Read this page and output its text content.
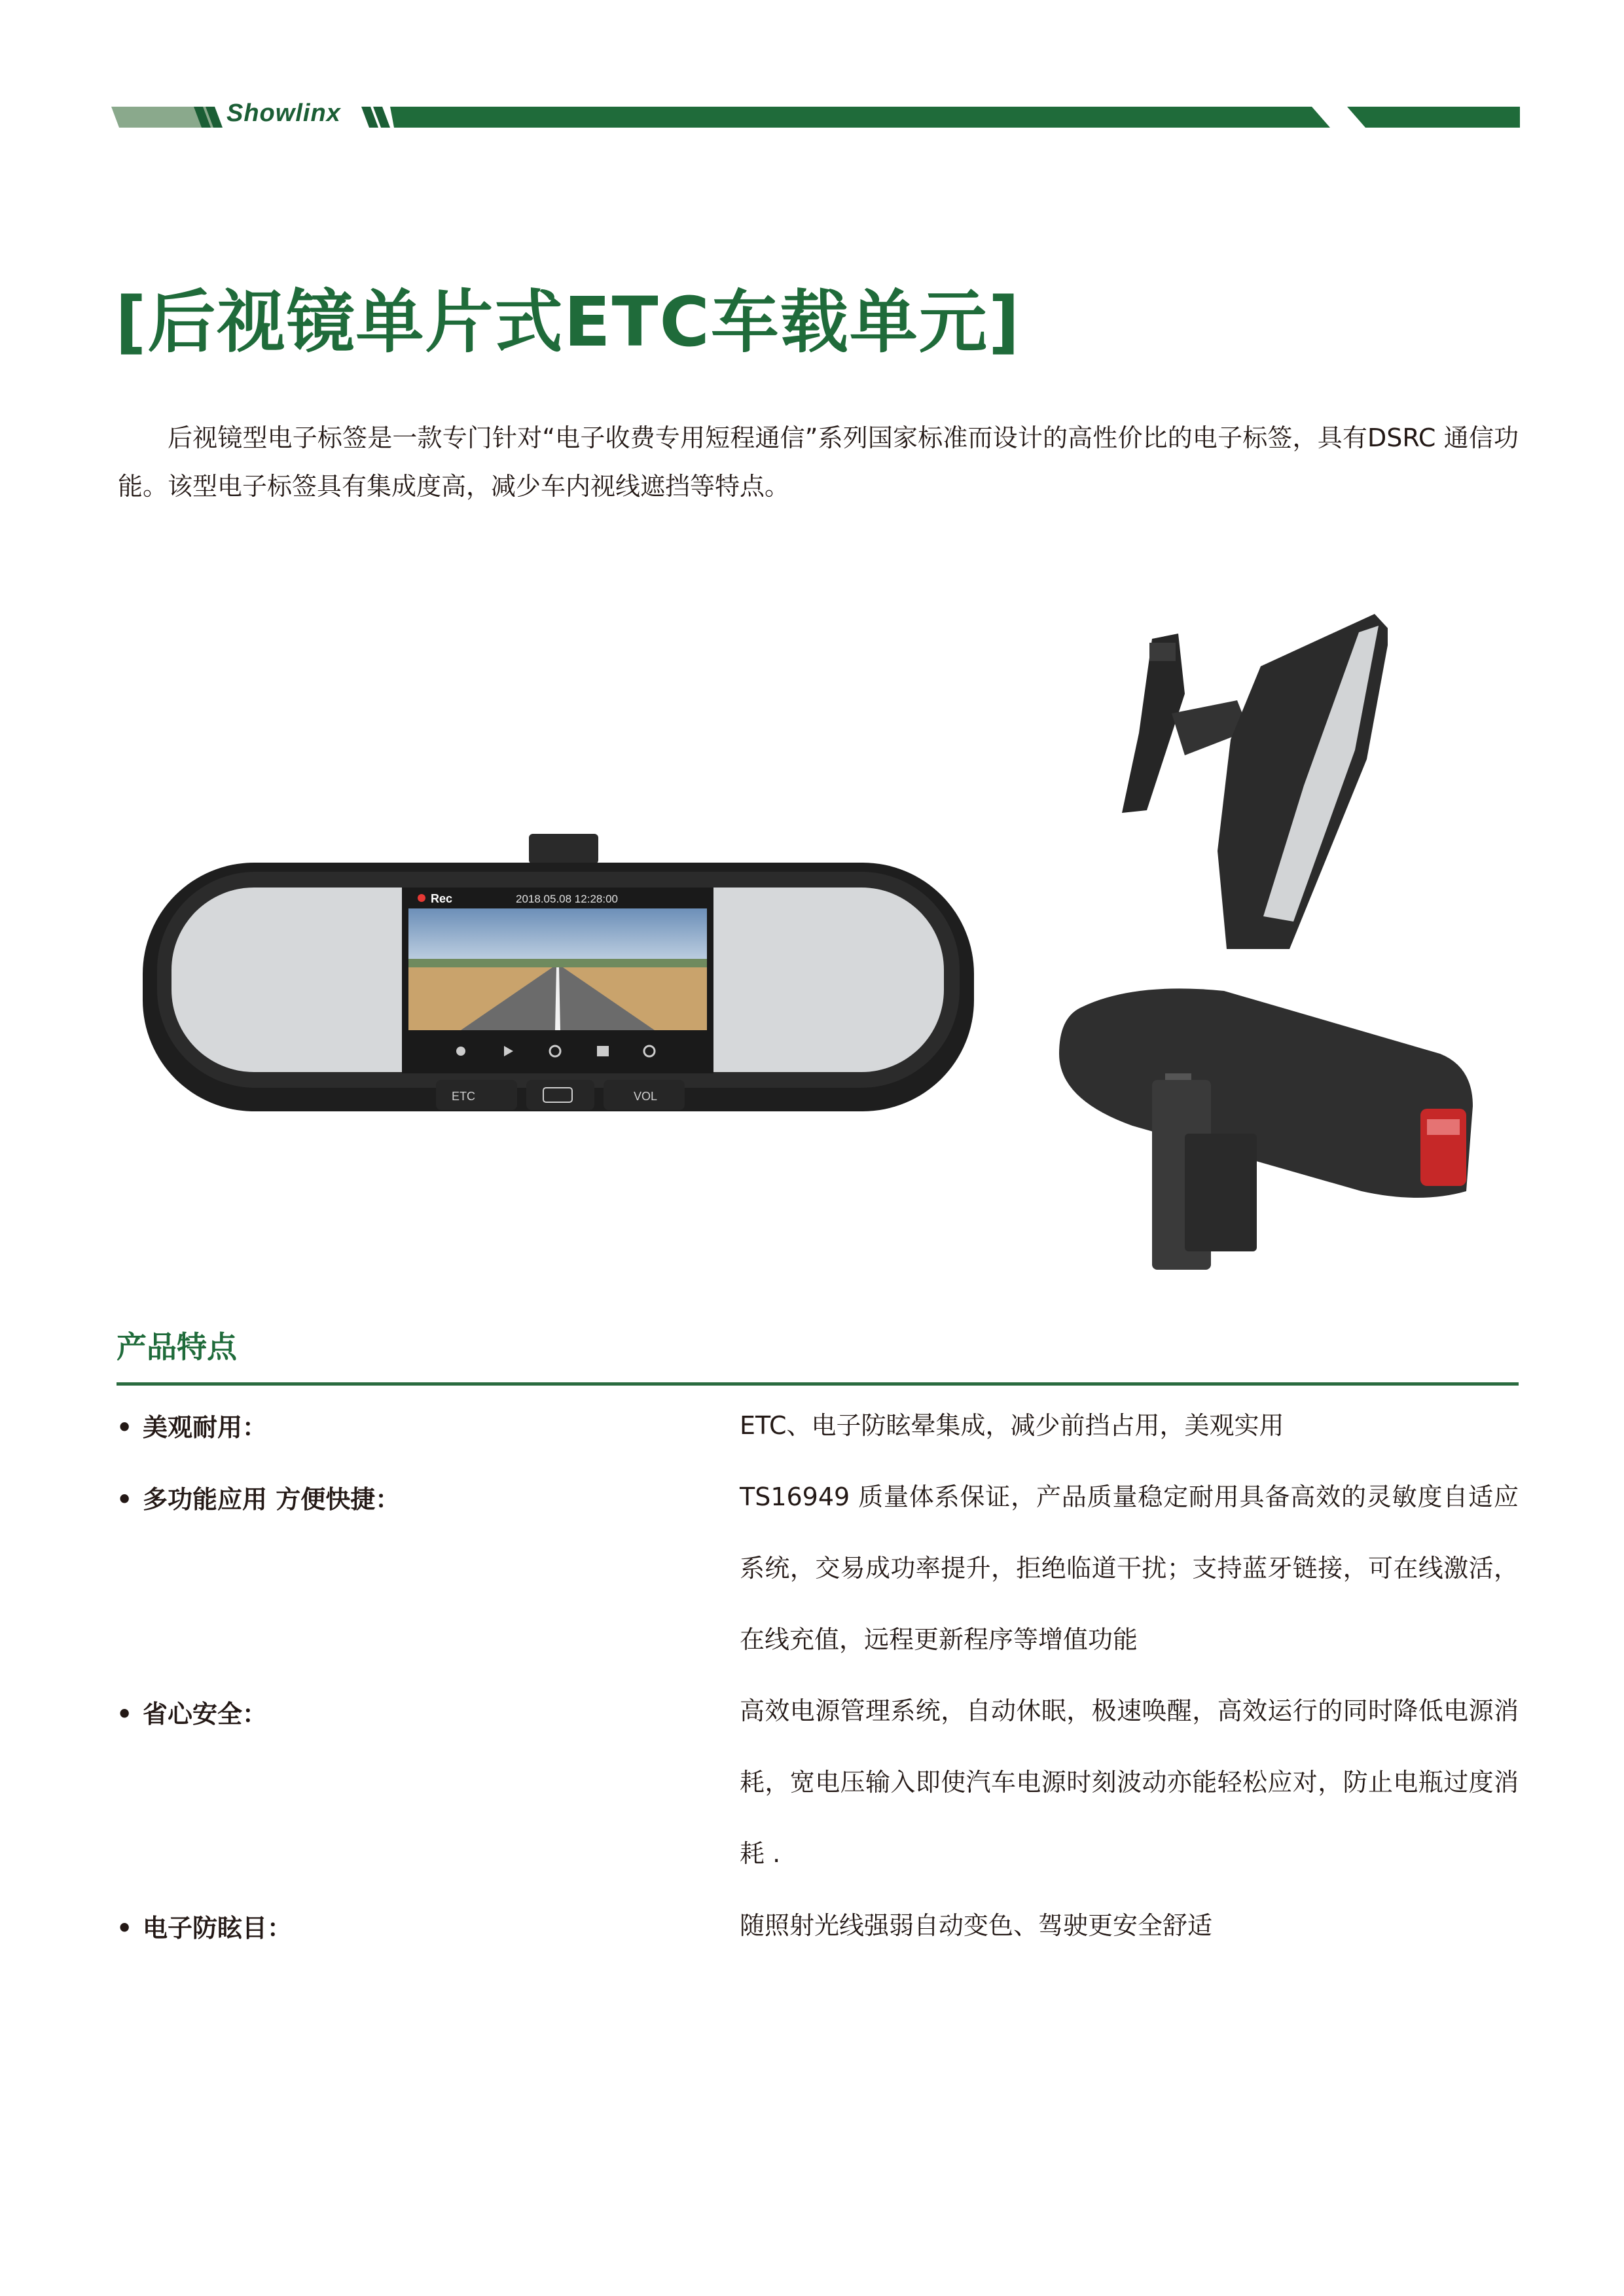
Showlinx
[后视镜单片式ETC车载单元]
后视镜型电子标签是一款专门针对“电子收费专用短程通信”系列国家标准而设计的高性价比的电子标签，具有DSRC 通信功能。该型电子标签具有集成度高，减少车内视线遮挡等特点。
Rec	2018.05.08 12:28:00
ETC	VOL
产品特点
• 美观耐用：	ETC、电子防眩晕集成，减少前挡占用，美观实用
• 多功能应用 方便快捷：	TS16949 质量体系保证，产品质量稳定耐用具备高效的灵敏度自适应系统，交易成功率提升，拒绝临道干扰；支持蓝牙链接，可在线激活，在线充值，远程更新程序等增值功能
• 省心安全：	高效电源管理系统，自动休眠，极速唤醒，高效运行的同时降低电源消耗，宽电压输入即使汽车电源时刻波动亦能轻松应对，防止电瓶过度消耗 .
• 电子防眩目：	随照射光线强弱自动变色、驾驶更安全舒适
